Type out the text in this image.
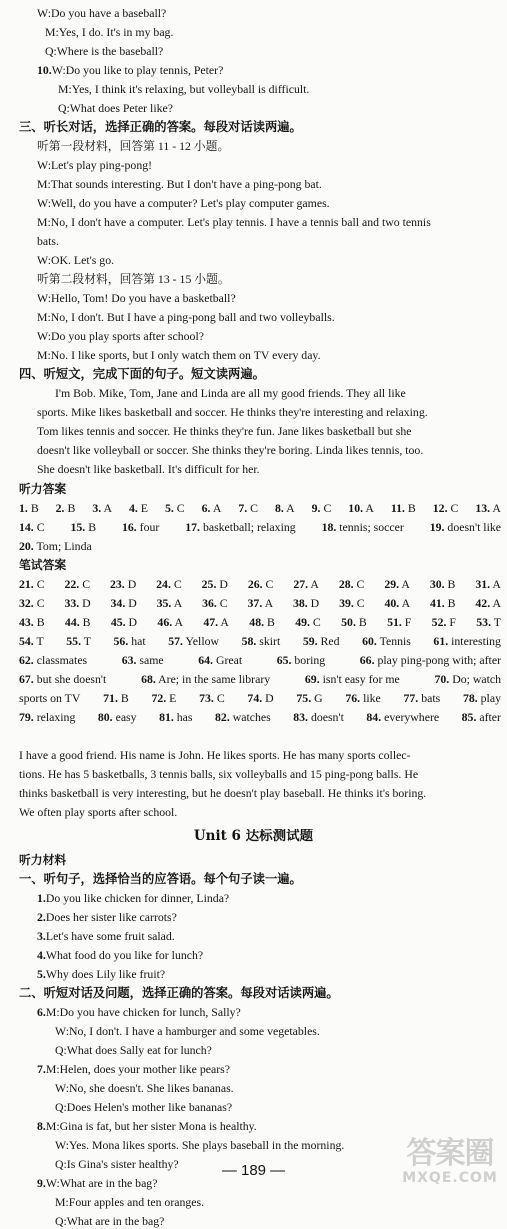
W:Do you have a baseball?
M:Yes, I do. It's in my bag.
Q:Where is the baseball?
10.W:Do you like to play tennis, Peter?
M:Yes, I think it's relaxing, but volleyball is difficult.
Q:What does Peter like?
三、听长对话，选择正确的答案。每段对话读两遍。
听第一段材料，回答第 11 - 12 小题。
W:Let's play ping-pong!
M:That sounds interesting. But I don't have a ping-pong bat.
W:Well, do you have a computer? Let's play computer games.
M:No, I don't have a computer. Let's play tennis. I have a tennis ball and two tennis
bats.
W:OK. Let's go.
听第二段材料，回答第 13 - 15 小题。
W:Hello, Tom! Do you have a basketball?
M:No, I don't. But I have a ping-pong ball and two volleyballs.
W:Do you play sports after school?
M:No. I like sports, but I only watch them on TV every day.
四、听短文，完成下面的句子。短文读两遍。
I'm Bob. Mike, Tom, Jane and Linda are all my good friends. They all like
sports. Mike likes basketball and soccer. He thinks they're interesting and relaxing.
Tom likes tennis and soccer. He thinks they're fun. Jane likes basketball but she
doesn't like volleyball or soccer. She thinks they're boring. Linda likes tennis, too.
She doesn't like basketball. It's difficult for her.
听力答案
I have a good friend. His name is John. He likes sports. He has many sports collec-
tions. He has 5 basketballs, 3 tennis balls, six volleyballs and 15 ping-pong balls. He
thinks basketball is very interesting, but he doesn't play baseball. He thinks it's boring.
We often play sports after school.
Unit 6 达标测试题
听力材料
一、听句子，选择恰当的应答语。每个句子读一遍。
1.Do you like chicken for dinner, Linda?
2.Does her sister like carrots?
3.Let's have some fruit salad.
4.What food do you like for lunch?
5.Why does Lily like fruit?
二、听短对话及问题，选择正确的答案。每段对话读两遍。
6.M:Do you have chicken for lunch, Sally?
W:No, I don't. I have a hamburger and some vegetables.
Q:What does Sally eat for lunch?
7.M:Helen, does your mother like pears?
W:No, she doesn't. She likes bananas.
Q:Does Helen's mother like bananas?
8.M:Gina is fat, but her sister Mona is healthy.
W:Yes. Mona likes sports. She plays baseball in the morning.
Q:Is Gina's sister healthy?
9.W:What are in the bag?
M:Four apples and ten oranges.
Q:What are in the bag?
笔试答案
1. B 2. B 3. A 4. E 5. C 6. A 7. C 8. A 9. C 10. A 11. B 12. C 13. A
14. C 15. B 16. four 17. basketball; relaxing 18. tennis; soccer 19. doesn't like
20. Tom; Linda
21. C 22. C 23. D 24. C 25. D 26. C 27. A 28. C 29. A 30. B 31. A
32. C 33. D 34. D 35. A 36. C 37. A 38. D 39. C 40. A 41. B 42. A
43. B 44. B 45. D 46. A 47. A 48. B 49. C 50. B 51. F 52. F 53. T
54. T 55. T 56. hat 57. Yellow 58. skirt 59. Red 60. Tennis 61. interesting
62. classmates	63. same	64. Great	65. boring	66. play ping-pong with; after
67. but she doesn't	68. Are; in the same library	69. isn't easy for me	70. Do; watch
sports on TV 71. B 72. E 73. C 74. D 75. G 76. like 77. bats 78. play
79. relaxing 80. easy 81. has 82. watches 83. doesn't 84. everywhere 85. after
— 189 —	答案圈
MXQE.COM
